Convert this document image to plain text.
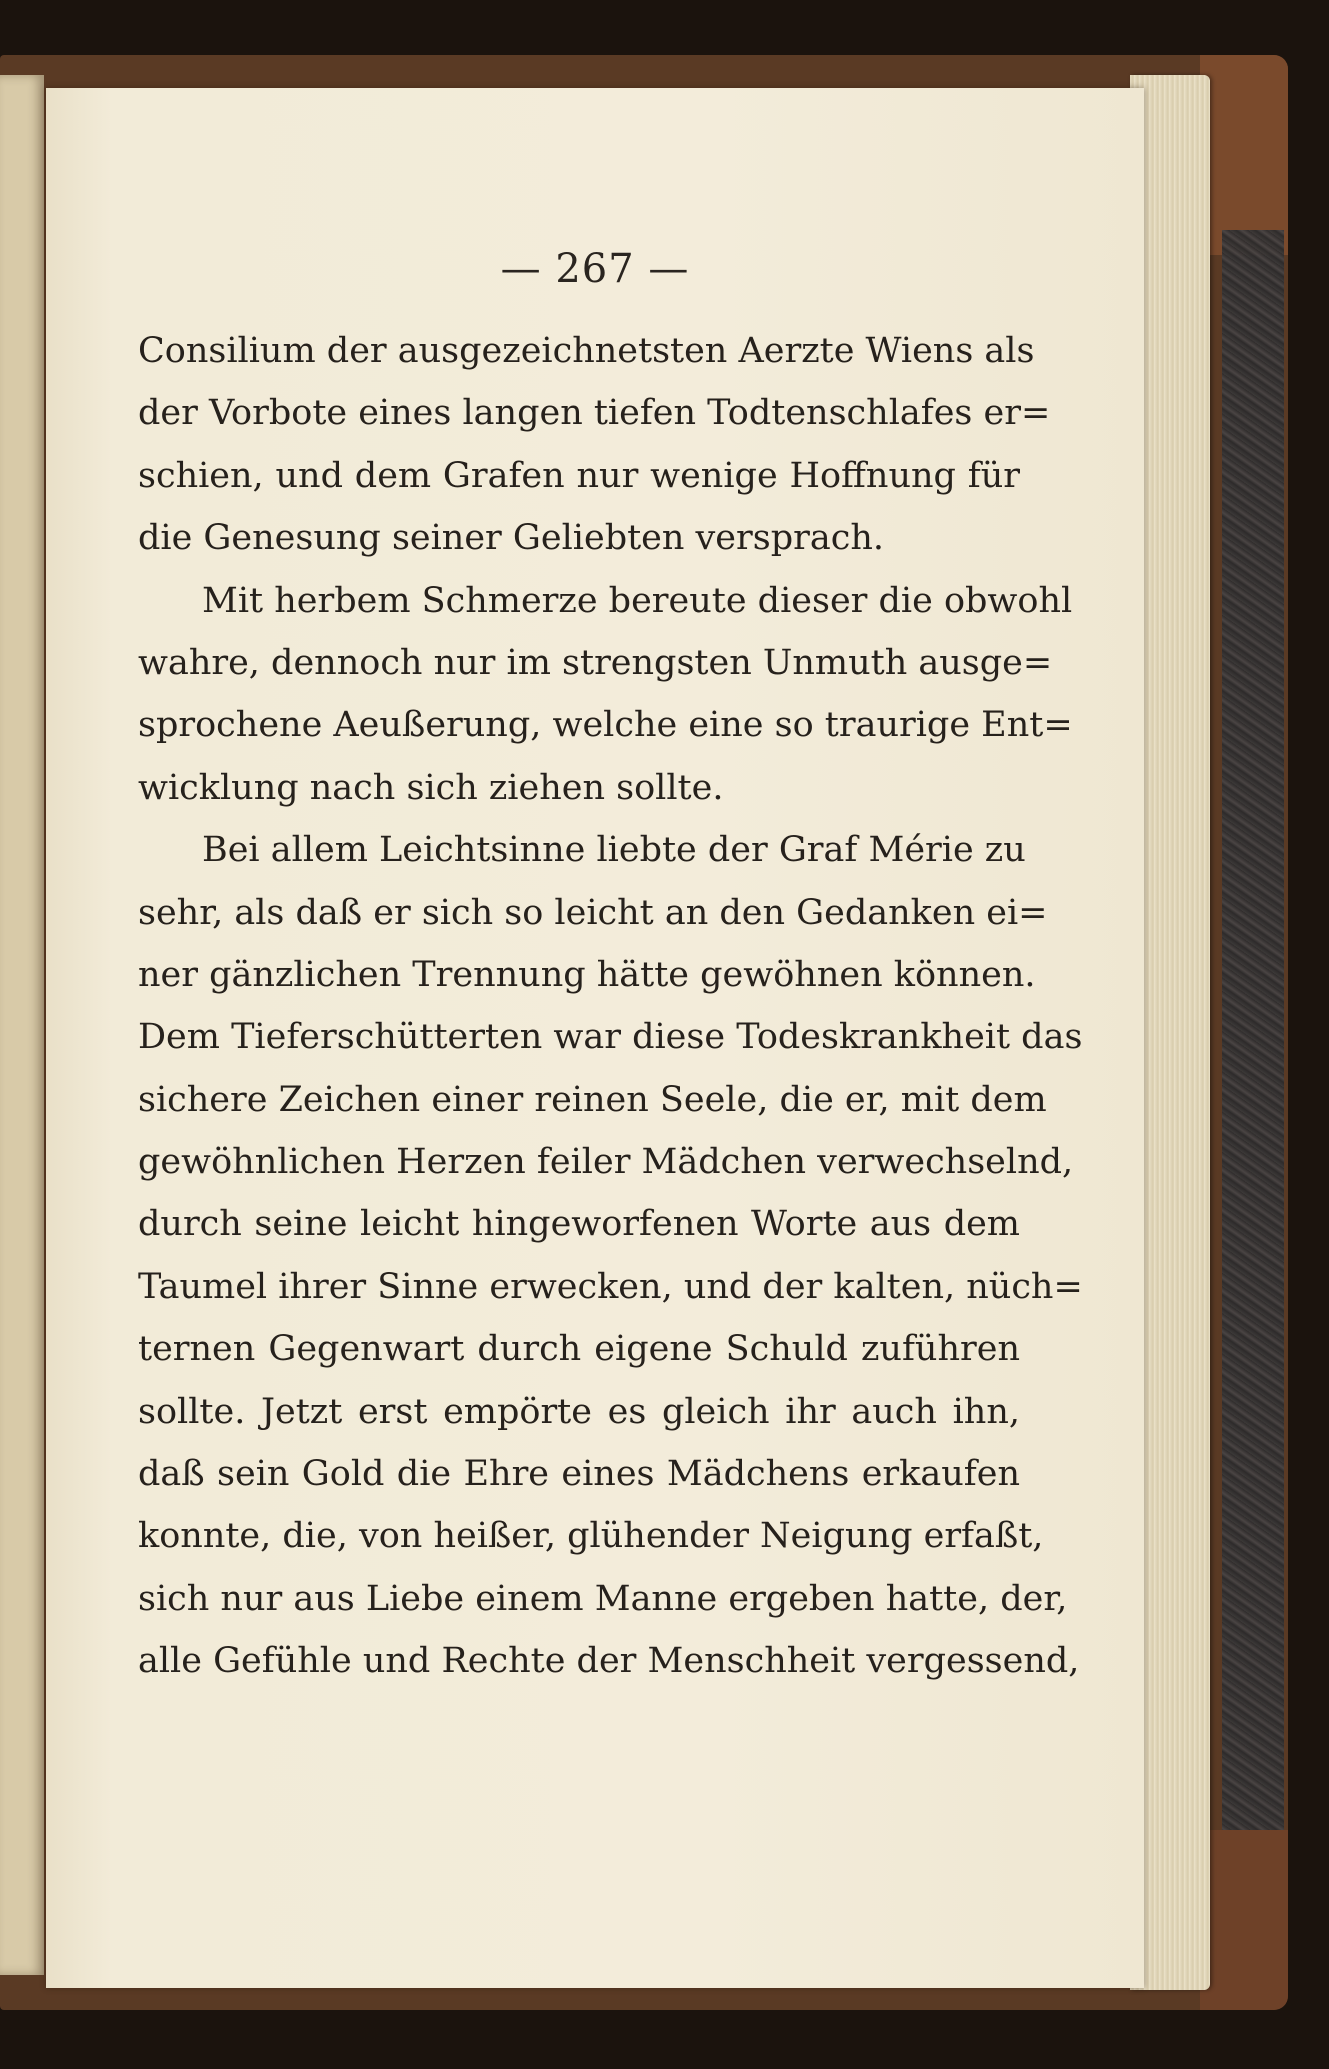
— 267 —
Consilium der ausgezeichnetsten Aerzte Wiens als
der Vorbote eines langen tiefen Todtenschlafes er=
schien, und dem Grafen nur wenige Hoffnung für
die Genesung seiner Geliebten versprach.
Mit herbem Schmerze bereute dieser die obwohl
wahre, dennoch nur im strengsten Unmuth ausge=
sprochene Aeußerung, welche eine so traurige Ent=
wicklung nach sich ziehen sollte.
Bei allem Leichtsinne liebte der Graf Mérie zu
sehr, als daß er sich so leicht an den Gedanken ei=
ner gänzlichen Trennung hätte gewöhnen können.
Dem Tieferschütterten war diese Todeskrankheit das
sichere Zeichen einer reinen Seele, die er, mit dem
gewöhnlichen Herzen feiler Mädchen verwechselnd,
durch seine leicht hingeworfenen Worte aus dem
Taumel ihrer Sinne erwecken, und der kalten, nüch=
ternen Gegenwart durch eigene Schuld zuführen
sollte. Jetzt erst empörte es gleich ihr auch ihn,
daß sein Gold die Ehre eines Mädchens erkaufen
konnte, die, von heißer, glühender Neigung erfaßt,
sich nur aus Liebe einem Manne ergeben hatte, der,
alle Gefühle und Rechte der Menschheit vergessend,
